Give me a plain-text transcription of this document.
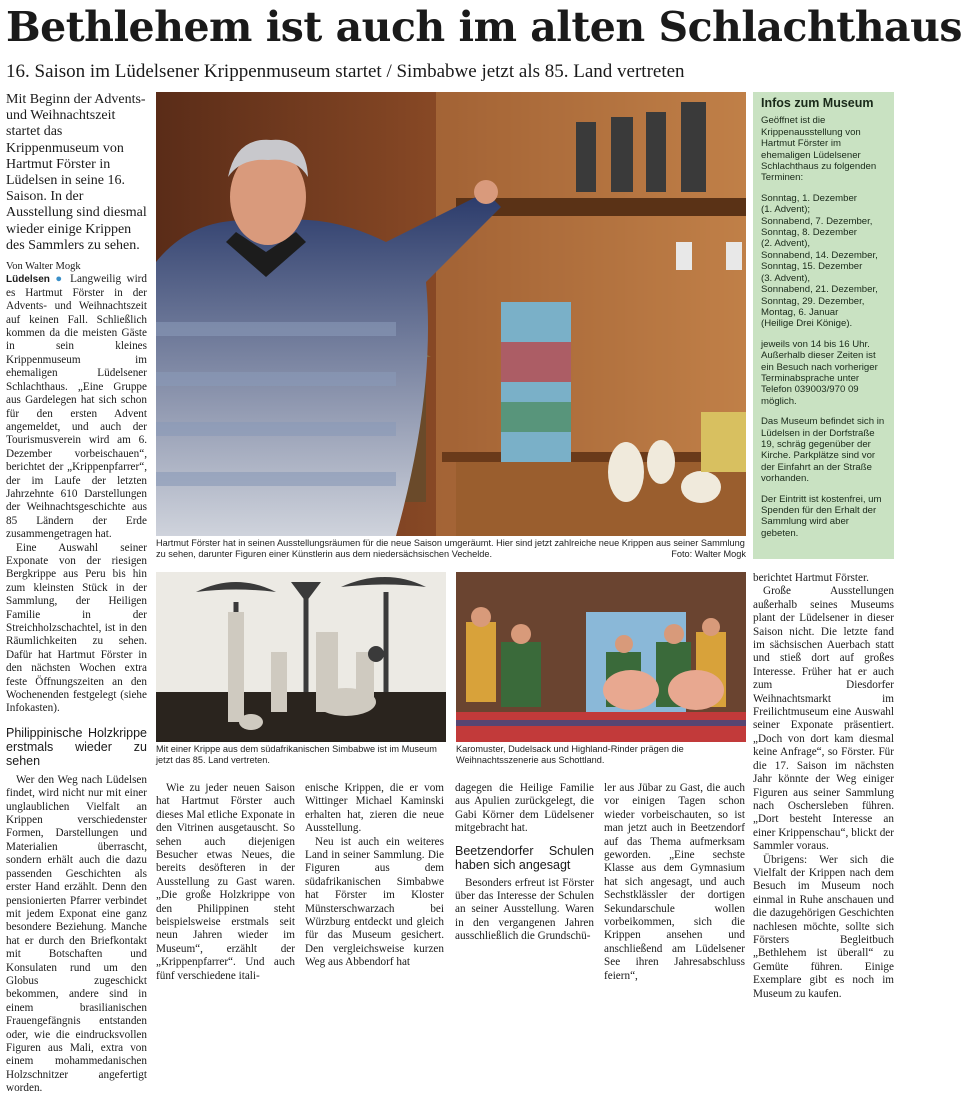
Bethlehem ist auch im alten Schlachthaus
16. Saison im Lüdelsener Krippenmuseum startet / Simbabwe jetzt als 85. Land vertreten

Mit Beginn der Advents- und Weihnachtszeit startet das Krippenmuseum von Hartmut Förster in Lüdelsen in seine 16. Saison. In der Ausstellung sind diesmal wieder einige Krippen des Sammlers zu sehen.

Von Walter Mogk

Lüdelsen ● Langweilig wird es Hartmut Förster in der Advents- und Weihnachtszeit auf keinen Fall. Schließlich kommen da die meisten Gäste in sein kleines Krippenmuseum im ehemaligen Lüdelsener Schlachthaus. „Eine Gruppe aus Gardelegen hat sich schon für den ersten Advent angemeldet, und auch der Tourismusverein wird am 6. Dezember vorbeischauen“, berichtet der „Krippenpfarrer“, der im Laufe der letzten Jahrzehnte 610 Darstellungen der Weihnachtsgeschichte aus 85 Ländern der Erde zusammengetragen hat.

Eine Auswahl seiner Exponate von der riesigen Bergkrippe aus Peru bis hin zum kleinsten Stück in der Sammlung, der Heiligen Familie in der Streichholzschachtel, ist in den Räumlichkeiten zu sehen. Dafür hat Hartmut Förster in den nächsten Wochen extra feste Öffnungszeiten an den Wochenenden festgelegt (siehe Infokasten).

Philippinische Holzkrippe erstmals wieder zu sehen

Wer den Weg nach Lüdelsen findet, wird nicht nur mit einer unglaublichen Vielfalt an Krippen verschiedenster Formen, Darstellungen und Materialien überrascht, sondern erhält auch die dazu passenden Geschichten als erster Hand erzählt. Denn den pensionierten Pfarrer verbindet mit jedem Exponat eine ganz besondere Beziehung. Manche hat er durch den Briefkontakt mit Botschaften und Konsulaten rund um den Globus zugeschickt bekommen, andere sind in einem brasilianischen Frauengefängnis entstanden oder, wie die eindrucksvollen Figuren aus Mali, extra von einem mohammedanischen Holzschnitzer angefertigt worden.

Hartmut Förster hat in seinen Ausstellungsräumen für die neue Saison umgeräumt. Hier sind jetzt zahlreiche neue Krippen aus seiner Sammlung zu sehen, darunter Figuren einer Künstlerin aus dem niedersächsischen Vechelde.	Foto: Walter Mogk
Infos zum Museum

Geöffnet ist die Krippenausstellung von Hartmut Förster im ehemaligen Lüdelsener Schlachthaus zu folgenden Terminen:

Sonntag, 1. Dezember
(1. Advent);
Sonnabend, 7. Dezember,
Sonntag, 8. Dezember
(2. Advent),
Sonnabend, 14. Dezember,
Sonntag, 15. Dezember
(3. Advent),
Sonnabend, 21. Dezember,
Sonntag, 29. Dezember,
Montag, 6. Januar
(Heilige Drei Könige).

jeweils von 14 bis 16 Uhr. Außerhalb dieser Zeiten ist ein Besuch nach vorheriger Terminabsprache unter Telefon 039003/970 09 möglich.

Das Museum befindet sich in Lüdelsen in der Dorfstraße 19, schräg gegenüber der Kirche. Parkplätze sind vor der Einfahrt an der Straße vorhanden.

Der Eintritt ist kostenfrei, um Spenden für den Erhalt der Sammlung wird aber gebeten.

Mit einer Krippe aus dem südafrikanischen Simbabwe ist im Museum jetzt das 85. Land vertreten.
Karomuster, Dudelsack und Highland-Rinder prägen die Weihnachtsszenerie aus Schottland.

Wie zu jeder neuen Saison hat Hartmut Förster auch dieses Mal etliche Exponate in den Vitrinen ausgetauscht. So sehen auch diejenigen Besucher etwas Neues, die bereits desöfteren in der Ausstellung zu Gast waren. „Die große Holzkrippe von den Philippinen steht beispielsweise erstmals seit neun Jahren wieder im Museum“, erzählt der „Krippenpfarrer“. Und auch fünf verschiedene itali-

enische Krippen, die er vom Wittinger Michael Kaminski erhalten hat, zieren die neue Ausstellung.

Neu ist auch ein weiteres Land in seiner Sammlung. Die Figuren aus dem südafrikanischen Simbabwe hat Förster im Kloster Münsterschwarzach bei Würzburg entdeckt und gleich für das Museum gesichert. Den vergleichsweise kurzen Weg aus Abbendorf hat

dagegen die Heilige Familie aus Apulien zurückgelegt, die Gabi Körner dem Lüdelsener mitgebracht hat.

Beetzendorfer Schulen haben sich angesagt

Besonders erfreut ist Förster über das Interesse der Schulen an seiner Ausstellung. Waren in den vergangenen Jahren ausschließlich die Grundschü-

ler aus Jübar zu Gast, die auch vor einigen Tagen schon wieder vorbeischauten, so ist man jetzt auch in Beetzendorf auf das Thema aufmerksam geworden. „Eine sechste Klasse aus dem Gymnasium hat sich angesagt, und auch Sechstklässler der dortigen Sekundarschule wollen vorbeikommen, sich die Krippen ansehen und anschließend am Lüdelsener See ihren Jahresabschluss feiern“,

berichtet Hartmut Förster.

Große Ausstellungen außerhalb seines Museums plant der Lüdelsener in dieser Saison nicht. Die letzte fand im sächsischen Auerbach statt und stieß dort auf großes Interesse. Früher hat er auch zum Diesdorfer Weihnachtsmarkt im Freilichtmuseum eine Auswahl seiner Exponate präsentiert. „Doch von dort kam diesmal keine Anfrage“, so Förster. Für die 17. Saison im nächsten Jahr könnte der Weg einiger Figuren aus seiner Sammlung nach Oschersleben führen. „Dort besteht Interesse an einer Krippenschau“, blickt der Sammler voraus.

Übrigens: Wer sich die Vielfalt der Krippen nach dem Besuch im Museum noch einmal in Ruhe anschauen und die dazugehörigen Geschichten nachlesen möchte, sollte sich Försters Begleitbuch „Bethlehem ist überall“ zu Gemüte führen. Einige Exemplare gibt es noch im Museum zu kaufen.
